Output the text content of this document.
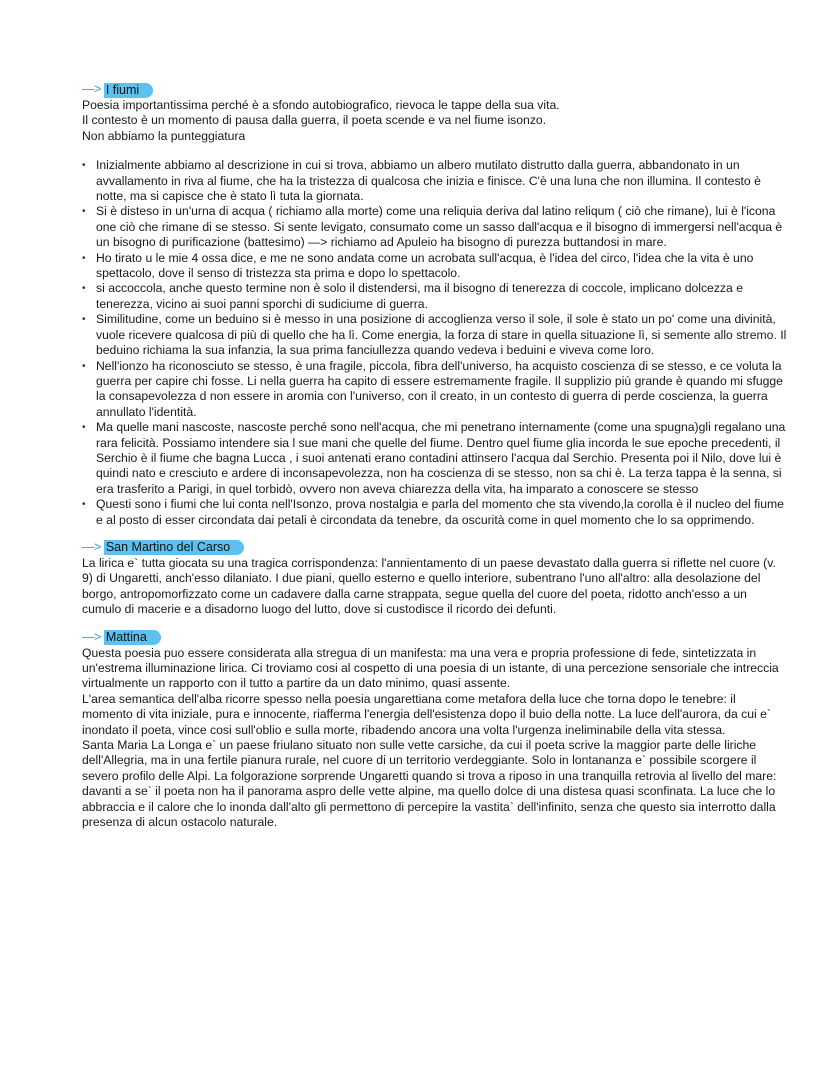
—> I fiumi

Poesia importantissima perché è a sfondo autobiografico, rievoca le tappe della sua vita.

Il contesto è un momento di pausa dalla guerra, il poeta scende e va nel fiume isonzo.

Non abbiamo la punteggiatura

• Inizialmente abbiamo al descrizione in cui si trova, abbiamo un albero mutilato distrutto dalla guerra, abbandonato in un avvallamento in riva al fiume, che ha la tristezza di qualcosa che inizia e finisce. C'è una luna che non illumina. Il contesto è notte, ma si capisce che è stato lì tuta la giornata.
• Si è disteso in un'urna di acqua ( richiamo alla morte) come una reliquia deriva dal latino reliqum ( ciò che rimane), lui è l'icona one ciò che rimane di se stesso. Si sente levigato, consumato come un sasso dall'acqua e il bisogno di immergersi nell'acqua è un bisogno di purificazione (battesimo) —> richiamo ad Apuleio ha bisogno di purezza buttandosi in mare.
• Ho tirato u le mie 4 ossa dice, e me ne sono andata come un acrobata sull'acqua, è l'idea del circo, l'idea che la vita è uno spettacolo, dove il senso di tristezza sta prima e dopo lo spettacolo.
• si accoccola, anche questo termine non è solo il distendersi, ma il bisogno di tenerezza di coccole, implicano dolcezza e tenerezza, vicino ai suoi panni sporchi di sudiciume di guerra.
• Similitudine, come un beduino si è messo in una posizione di accoglienza verso il sole, il sole è stato un po' come una divinità, vuole ricevere qualcosa di più di quello che ha lì. Come energia, la forza di stare in quella situazione lì, si semente allo stremo. Il beduino richiama la sua infanzia, la sua prima fanciullezza quando vedeva i beduini e viveva come loro.
• Nell'ionzo ha riconosciuto se stesso, è una fragile, piccola, fibra dell'universo, ha acquisto coscienza di se stesso, e ce voluta la guerra per capire chi fosse. Li nella guerra ha capito di essere estremamente fragile. Il supplizio più grande è quando mi sfugge la consapevolezza d non essere in aromia con l'universo, con il creato, in un contesto di guerra di perde coscienza, la guerra annullato l'identità.
• Ma quelle mani nascoste, nascoste perché sono nell'acqua, che mi penetrano internamente (come una spugna)gli regalano una rara felicità. Possiamo intendere sia l sue mani che quelle del fiume. Dentro quel fiume glia incorda le sue epoche precedenti, il Serchio è il fiume che bagna Lucca , i suoi antenati erano contadini attinsero l'acqua dal Serchio. Presenta poi il Nilo, dove lui è quindi nato e cresciuto e ardere di inconsapevolezza, non ha coscienza di se stesso, non sa chi è. La terza tappa è la senna, si era trasferito a Parigi, in quel torbidò, ovvero non aveva chiarezza della vita, ha imparato a conoscere se stesso
• Questi sono i fiumi che lui conta nell'Isonzo, prova nostalgia e parla del momento che sta vivendo,la corolla è il nucleo del fiume e al posto di esser circondata dai petali è circondata da tenebre, da oscurità come in quel momento che lo sa opprimendo.
—> San Martino del Carso

La lirica e` tutta giocata su una tragica corrispondenza: l'annientamento di un paese devastato dalla guerra si riflette nel cuore (v. 9) di Ungaretti, anch'esso dilaniato. I due piani, quello esterno e quello interiore, subentrano l'uno all'altro: alla desolazione del borgo, antropomorfizzato come un cadavere dalla carne strappata, segue quella del cuore del poeta, ridotto anch'esso a un cumulo di macerie e a disadorno luogo del lutto, dove si custodisce il ricordo dei defunti.

—> Mattina

Questa poesia puo essere considerata alla stregua di un manifesta: ma una vera e propria professione di fede, sintetizzata in un'estrema illuminazione lirica. Ci troviamo cosi al cospetto di una poesia di un istante, di una percezione sensoriale che intreccia virtualmente un rapporto con il tutto a partire da un dato minimo, quasi assente.

L'area semantica dell'alba ricorre spesso nella poesia ungarettiana come metafora della luce che torna dopo le tenebre: il momento di vita iniziale, pura e innocente, riafferma l'energia dell'esistenza dopo il buio della notte. La luce dell'aurora, da cui e` inondato il poeta, vince cosi sull'oblio e sulla morte, ribadendo ancora una volta l'urgenza ineliminabile della vita stessa.

Santa Maria La Longa e` un paese friulano situato non sulle vette carsiche, da cui il poeta scrive la maggior parte delle liriche dell'Allegria, ma in una fertile pianura rurale, nel cuore di un territorio verdeggiante. Solo in lontananza e` possibile scorgere il severo profilo delle Alpi. La folgorazione sorprende Ungaretti quando si trova a riposo in una tranquilla retrovia al livello del mare: davanti a se` il poeta non ha il panorama aspro delle vette alpine, ma quello dolce di una distesa quasi sconfinata. La luce che lo abbraccia e il calore che lo inonda dall'alto gli permettono di percepire la vastita` dell'infinito, senza che questo sia interrotto dalla presenza di alcun ostacolo naturale.
